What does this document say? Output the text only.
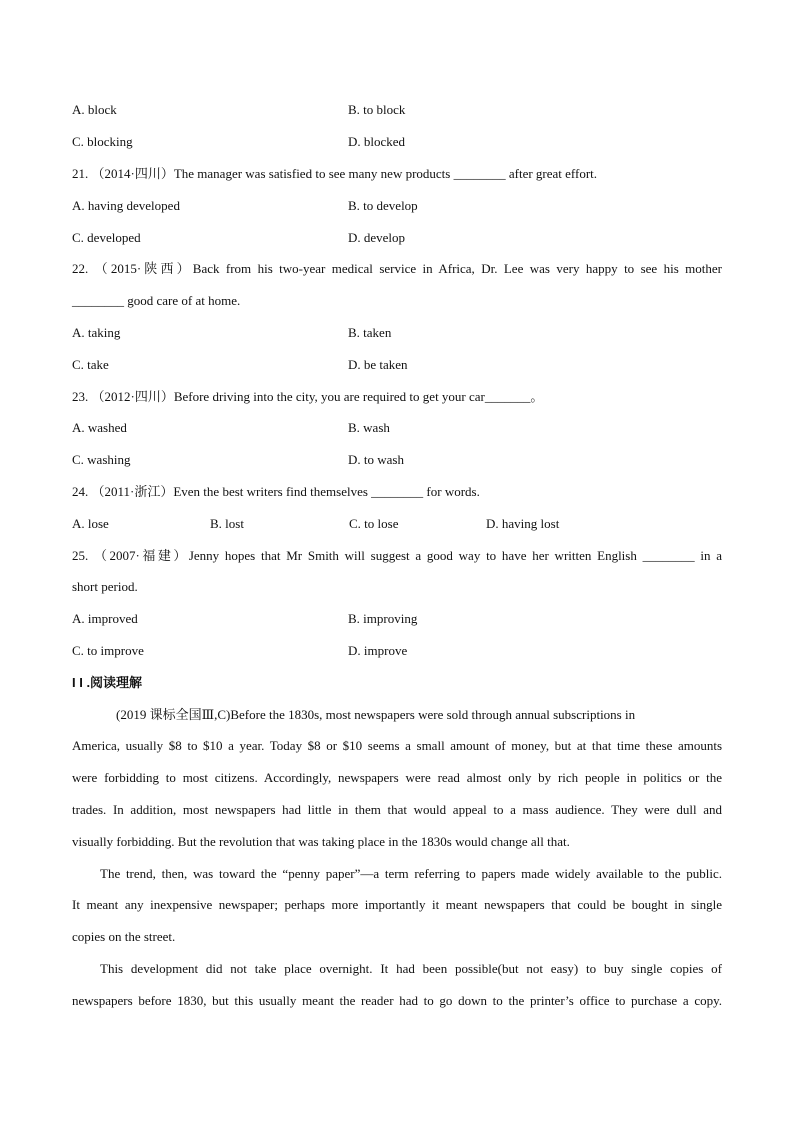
A. block	B. to block
C. blocking	D. blocked
21. （2014·四川）The manager was satisfied to see many new products ________ after great effort.
A. having developed	B. to develop
C. developed	D. develop
22. （2015·陕西）Back from his two-year medical service in Africa, Dr. Lee was very happy to see his mother
________ good care of at home.
A. taking	B. taken
C. take	D. be taken
23. （2012·四川）Before driving into the city, you are required to get your car_______。
A. washed	B. wash
C. washing	D. to wash
24. （2011·浙江）Even the best writers find themselves ________ for words.
A. lose	B. lost	C. to lose	D. having lost
25. （2007·福建）Jenny hopes that Mr Smith will suggest a good way to have her written English ________ in a
short period.
A. improved	B. improving
C. to improve	D. improve
I I .阅读理解
(2019 课标全国Ⅲ,C)Before the 1830s, most newspapers were sold through annual subscriptions in
America, usually $8 to $10 a year. Today $8 or $10 seems a small amount of money, but at that time these amounts
were forbidding to most citizens. Accordingly, newspapers were read almost only by rich people in politics or the
trades. In addition, most newspapers had little in them that would appeal to a mass audience. They were dull and
visually forbidding. But the revolution that was taking place in the 1830s would change all that.
The trend, then, was toward the “penny paper”—a term referring to papers made widely available to the public.
It meant any inexpensive newspaper; perhaps more importantly it meant newspapers that could be bought in single
copies on the street.
This development did not take place overnight. It had been possible(but not easy) to buy single copies of
newspapers before 1830, but this usually meant the reader had to go down to the printer’s office to purchase a copy.
